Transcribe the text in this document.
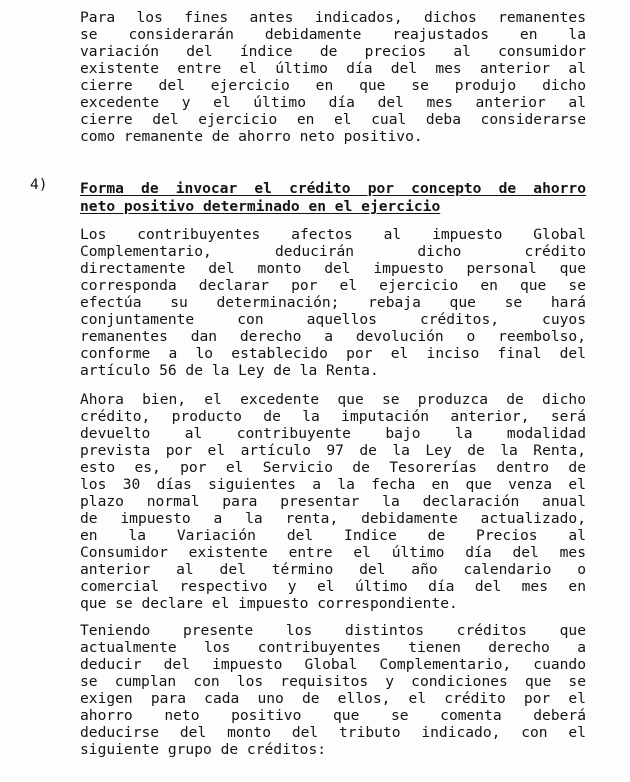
Para los fines antes indicados, dichos remanentes
se considerarán debidamente reajustados en la
variación del índice de precios al consumidor
existente entre el último día del mes anterior al
cierre del ejercicio en que se produjo dicho
excedente y el último día del mes anterior al
cierre del ejercicio en el cual deba considerarse
como remanente de ahorro neto positivo.
4) Forma de invocar el crédito por concepto de ahorro
neto positivo determinado en el ejercicio
Los contribuyentes afectos al impuesto Global
Complementario, deducirán dicho crédito
directamente del monto del impuesto personal que
corresponda declarar por el ejercicio en que se
efectúa su determinación; rebaja que se hará
conjuntamente con aquellos créditos, cuyos
remanentes dan derecho a devolución o reembolso,
conforme a lo establecido por el inciso final del
artículo 56 de la Ley de la Renta.
Ahora bien, el excedente que se produzca de dicho
crédito, producto de la imputación anterior, será
devuelto al contribuyente bajo la modalidad
prevista por el artículo 97 de la Ley de la Renta,
esto es, por el Servicio de Tesorerías dentro de
los 30 días siguientes a la fecha en que venza el
plazo normal para presentar la declaración anual
de impuesto a la renta, debidamente actualizado,
en la Variación del Indice de Precios al
Consumidor existente entre el último día del mes
anterior al del término del año calendario o
comercial respectivo y el último día del mes en
que se declare el impuesto correspondiente.
Teniendo presente los distintos créditos que
actualmente los contribuyentes tienen derecho a
deducir del impuesto Global Complementario, cuando
se cumplan con los requisitos y condiciones que se
exigen para cada uno de ellos, el crédito por el
ahorro neto positivo que se comenta deberá
deducirse del monto del tributo indicado, con el
siguiente grupo de créditos:
